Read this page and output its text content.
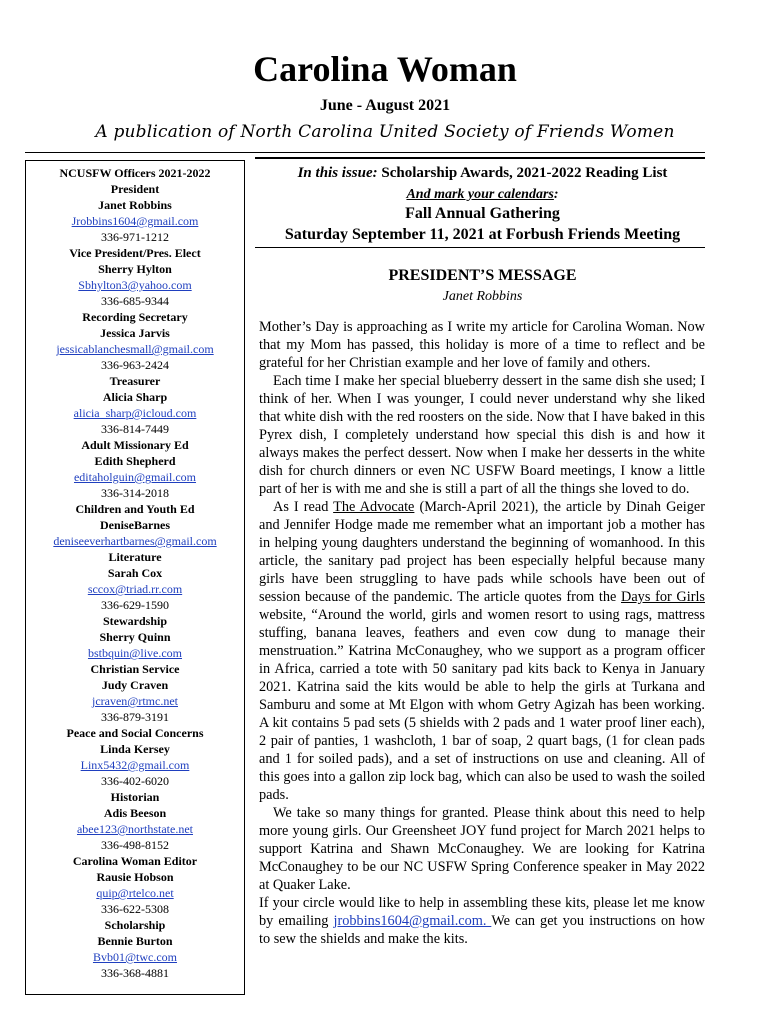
Carolina Woman
June - August 2021
A publication of North Carolina United Society of Friends Women
NCUSFW Officers 2021-2022
President
Janet Robbins
Jrobbins1604@gmail.com
336-971-1212
Vice President/Pres. Elect
Sherry Hylton
Sbhylton3@yahoo.com
336-685-9344
Recording Secretary
Jessica Jarvis
jessicablanchesmall@gmail.com
336-963-2424
Treasurer
Alicia Sharp
alicia_sharp@icloud.com
336-814-7449
Adult Missionary Ed
Edith Shepherd
editaholguin@gmail.com
336-314-2018
Children and Youth Ed
DeniseBarnes
deniseeverhartbarnes@gmail.com
Literature
Sarah Cox
sccox@triad.rr.com
336-629-1590
Stewardship
Sherry Quinn
bstbquin@live.com
Christian Service
Judy Craven
jcraven@rtmc.net
336-879-3191
Peace and Social Concerns
Linda Kersey
Linx5432@gmail.com
336-402-6020
Historian
Adis Beeson
abee123@northstate.net
336-498-8152
Carolina Woman Editor
Rausie Hobson
quip@rtelco.net
336-622-5308
Scholarship
Bennie Burton
Bvb01@twc.com
336-368-4881
In this issue: Scholarship Awards, 2021-2022 Reading List
And mark your calendars:
Fall Annual Gathering
Saturday September 11, 2021 at Forbush Friends Meeting
PRESIDENT’S MESSAGE
Janet Robbins

Mother’s Day is approaching as I write my article for Carolina Woman. Now that my Mom has passed, this holiday is more of a time to reflect and be grateful for her Christian example and her love of family and others.

Each time I make her special blueberry dessert in the same dish she used; I think of her. When I was younger, I could never understand why she liked that white dish with the red roosters on the side. Now that I have baked in this Pyrex dish, I completely understand how special this dish is and how it always makes the perfect dessert. Now when I make her desserts in the white dish for church dinners or even NC USFW Board meetings, I know a little part of her is with me and she is still a part of all the things she loved to do.

As I read The Advocate (March-April 2021), the article by Dinah Geiger and Jennifer Hodge made me remember what an important job a mother has in helping young daughters understand the beginning of womanhood. In this article, the sanitary pad project has been especially helpful because many girls have been struggling to have pads while schools have been out of session because of the pandemic. The article quotes from the Days for Girls website, “Around the world, girls and women resort to using rags, mattress stuffing, banana leaves, feathers and even cow dung to manage their menstruation.” Katrina McConaughey, who we support as a program officer in Africa, carried a tote with 50 sanitary pad kits back to Kenya in January 2021. Katrina said the kits would be able to help the girls at Turkana and Samburu and some at Mt Elgon with whom Getry Agizah has been working. A kit contains 5 pad sets (5 shields with 2 pads and 1 water proof liner each), 2 pair of panties, 1 washcloth, 1 bar of soap, 2 quart bags, (1 for clean pads and 1 for soiled pads), and a set of instructions on use and cleaning. All of this goes into a gallon zip lock bag, which can also be used to wash the soiled pads.

We take so many things for granted. Please think about this need to help more young girls. Our Greensheet JOY fund project for March 2021 helps to support Katrina and Shawn McConaughey. We are looking for Katrina McConaughey to be our NC USFW Spring Conference speaker in May 2022 at Quaker Lake.

If your circle would like to help in assembling these kits, please let me know by emailing jrobbins1604@gmail.com. We can get you instructions on how to sew the shields and make the kits.
